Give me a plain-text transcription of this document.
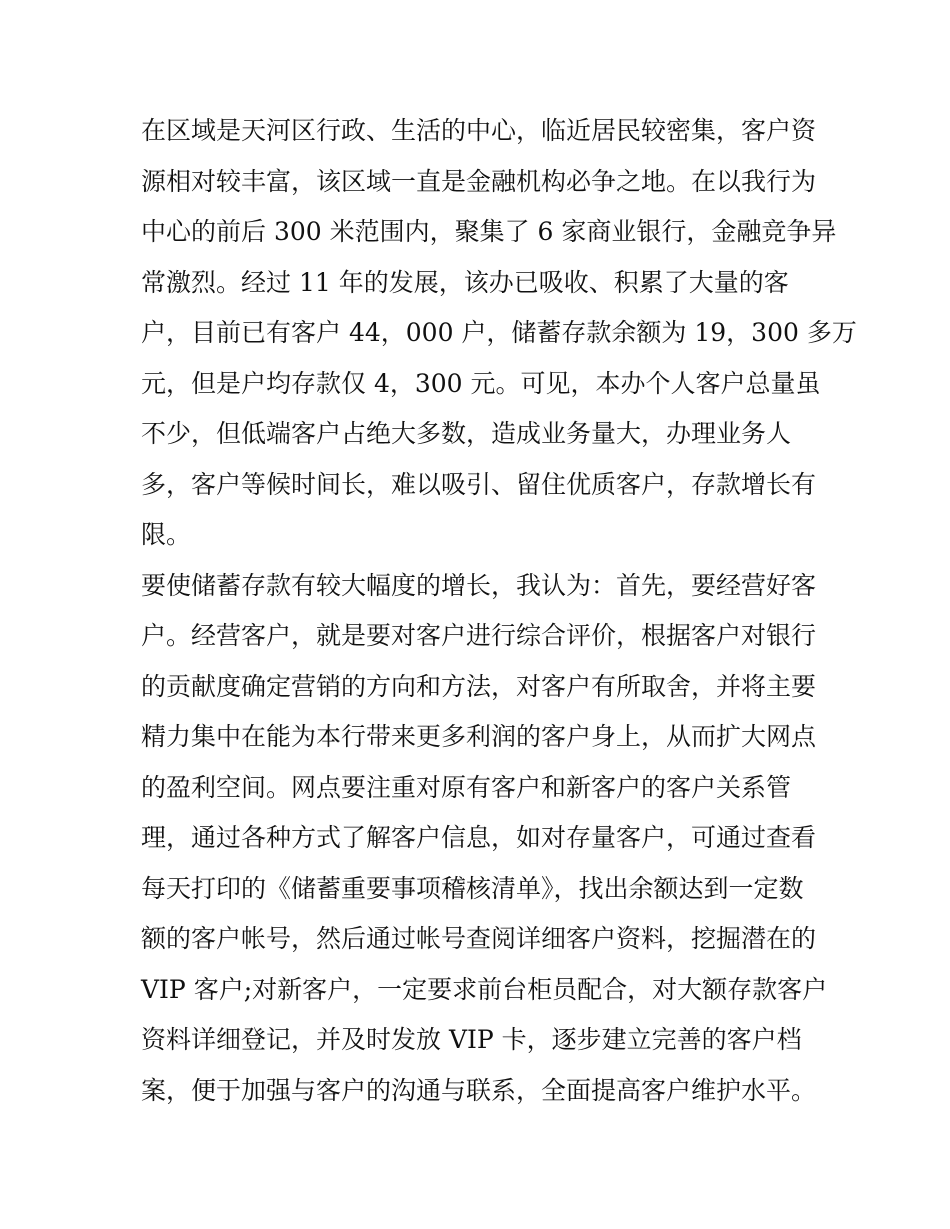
在区域是天河区行政、生活的中心，临近居民较密集，客户资
源相对较丰富，该区域一直是金融机构必争之地。在以我行为
中心的前后 300 米范围内，聚集了 6 家商业银行，金融竞争异
常激烈。经过 11 年的发展，该办已吸收、积累了大量的客
户，目前已有客户 44，000 户，储蓄存款余额为 19，300 多万
元，但是户均存款仅 4，300 元。可见，本办个人客户总量虽
不少，但低端客户占绝大多数，造成业务量大，办理业务人
多，客户等候时间长，难以吸引、留住优质客户，存款增长有
限。
要使储蓄存款有较大幅度的增长，我认为：首先，要经营好客
户。经营客户，就是要对客户进行综合评价，根据客户对银行
的贡献度确定营销的方向和方法，对客户有所取舍，并将主要
精力集中在能为本行带来更多利润的客户身上，从而扩大网点
的盈利空间。网点要注重对原有客户和新客户的客户关系管
理，通过各种方式了解客户信息，如对存量客户，可通过查看
每天打印的《储蓄重要事项稽核清单》，找出余额达到一定数
额的客户帐号，然后通过帐号查阅详细客户资料，挖掘潜在的
VIP 客户;对新客户，一定要求前台柜员配合，对大额存款客户
资料详细登记，并及时发放 VIP 卡，逐步建立完善的客户档
案，便于加强与客户的沟通与联系，全面提高客户维护水平。
